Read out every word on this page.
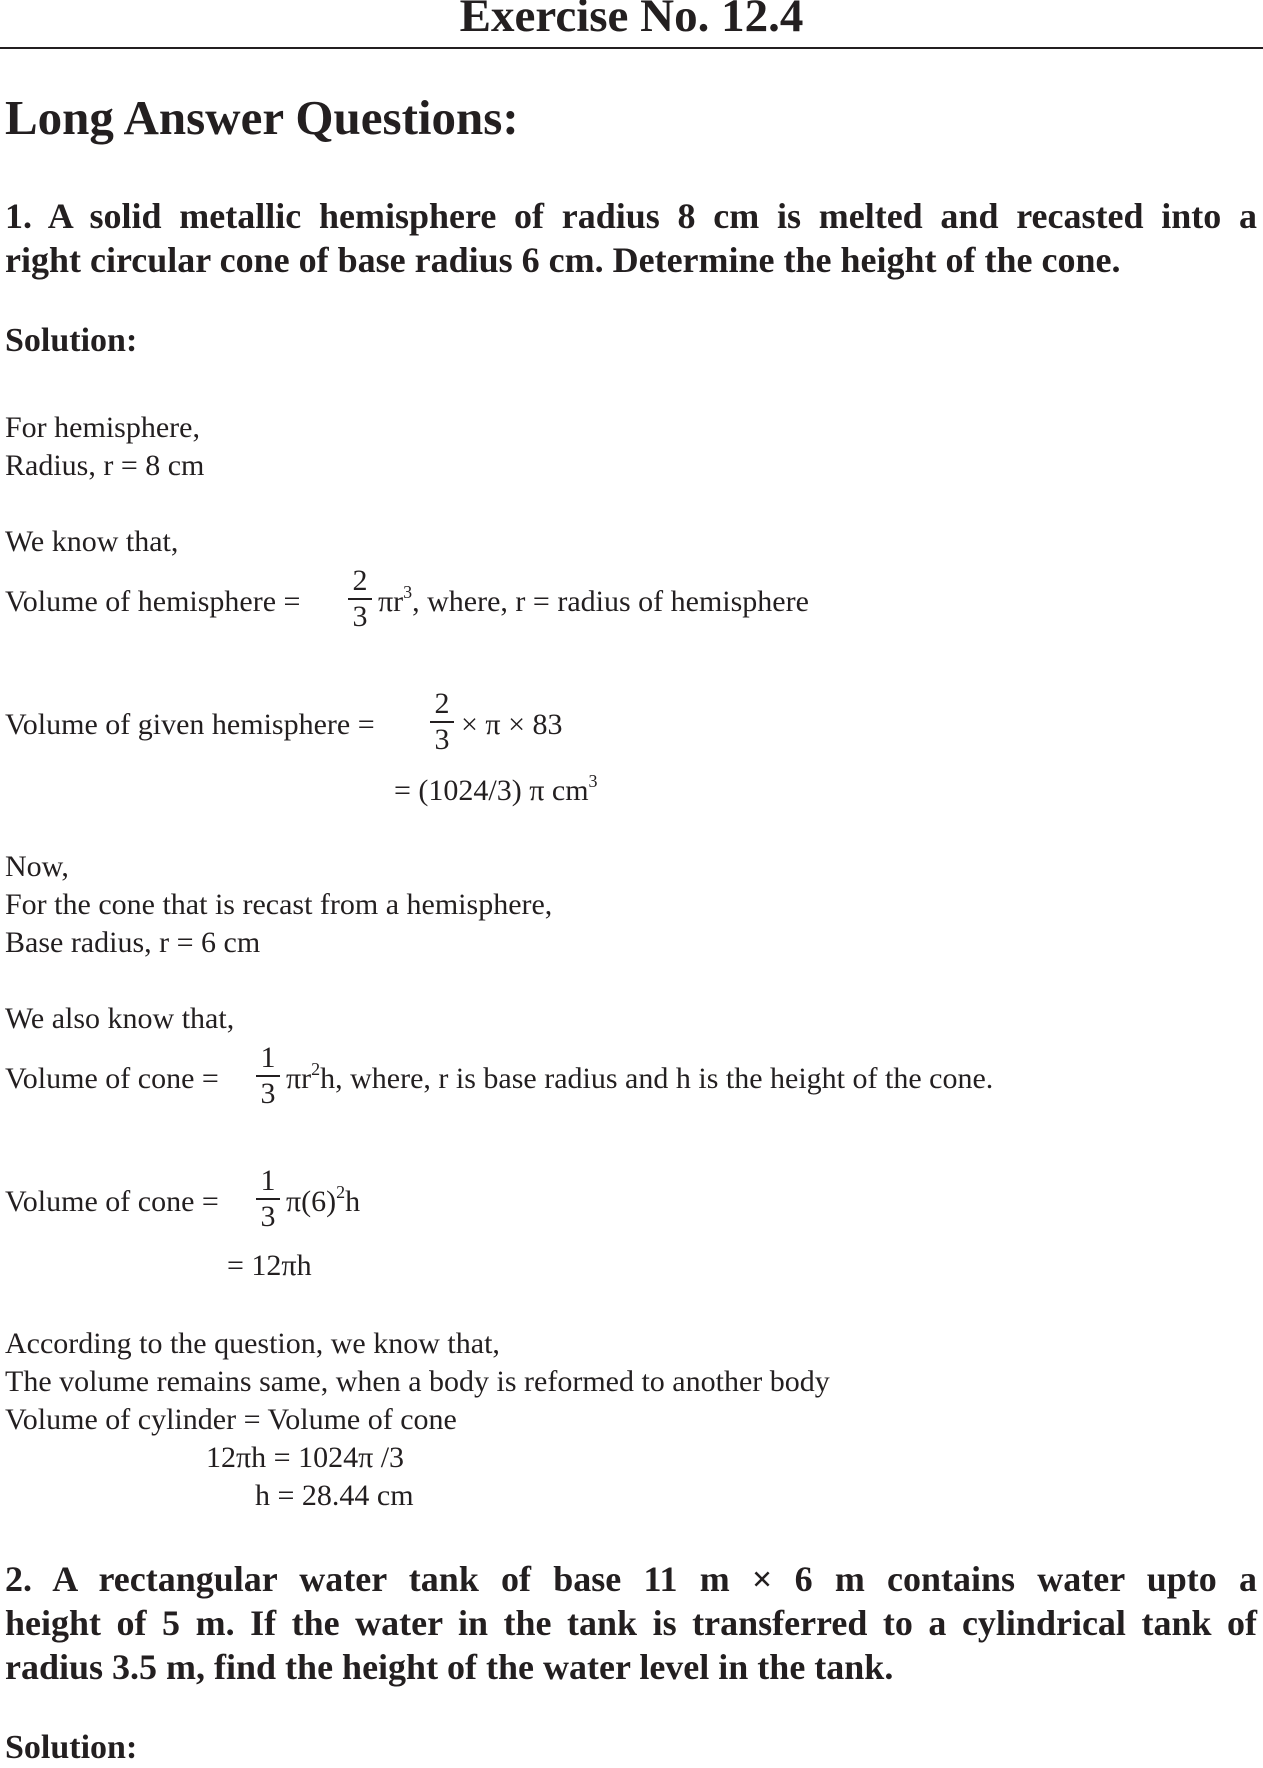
Exercise No. 12.4
Long Answer Questions:
1. A solid metallic hemisphere of radius 8 cm is melted and recasted into a
right circular cone of base radius 6 cm. Determine the height of the cone.
Solution:
For hemisphere,
Radius, r = 8 cm
We know that,
Volume of hemisphere =
2
3 $\pi r^3$, where, r = radius of hemisphere
Volume of given hemisphere =
2
3 × π × 83
= (1024/3) π $cm^3$
Now,
For the cone that is recast from a hemisphere,
Base radius, r = 6 cm
We also know that,
Volume of cone =
1
3 $\pi r^2h$, where, r is base radius and h is the height of the cone.
Volume of cone =
1
3 $\pi(6)^2h$
= 12πh
According to the question, we know that,
The volume remains same, when a body is reformed to another body
Volume of cylinder = Volume of cone
12πh = 1024π /3
h = 28.44 cm
2. A rectangular water tank of base 11 m × 6 m contains water upto a
height of 5 m. If the water in the tank is transferred to a cylindrical tank of
radius 3.5 m, find the height of the water level in the tank.
Solution:
